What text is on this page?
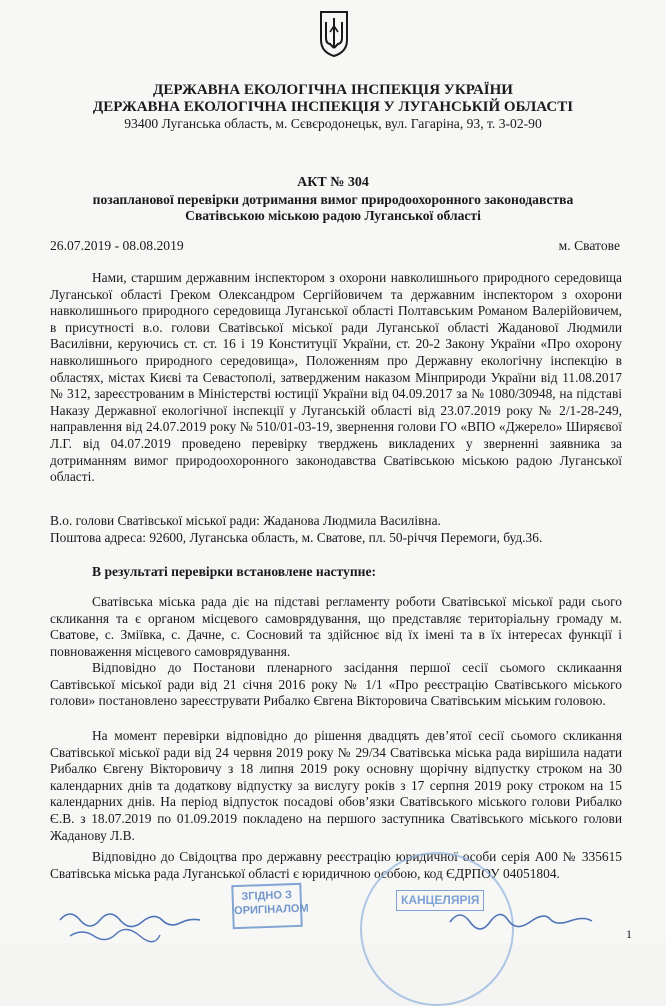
ДЕРЖАВНА ЕКОЛОГІЧНА ІНСПЕКЦІЯ УКРАЇНИ
ДЕРЖАВНА ЕКОЛОГІЧНА ІНСПЕКЦІЯ У ЛУГАНСЬКІЙ ОБЛАСТІ
93400 Луганська область, м. Сєвєродонецьк, вул. Гагаріна, 93, т. 3-02-90
АКТ № 304
позапланової перевірки дотримання вимог природоохоронного законодавства
Сватівською міською радою Луганської області
26.07.2019 - 08.08.2019	м. Сватове
Нами, старшим державним інспектором з охорони навколишнього природного середовища Луганської області Греком Олександром Сергійовичем та державним інспектором з охорони навколишнього природного середовища Луганської області Полтавським Романом Валерійовичем, в присутності в.о. голови Сватівської міської ради Луганської області Жаданової Людмили Василівни, керуючись ст. ст. 16 і 19 Конституції України, ст. 20-2 Закону України «Про охорону навколишнього природного середовища», Положенням про Державну екологічну інспекцію в областях, містах Києві та Севастополі, затвердженим наказом Мінприроди України від 11.08.2017 № 312, зареєстрованим в Міністерстві юстиції України від 04.09.2017 за № 1080/30948, на підставі Наказу Державної екологічної інспекції у Луганській області від 23.07.2019 року № 2/1-28-249, направлення від 24.07.2019 року № 510/01-03-19, звернення голови ГО «ВПО «Джерело» Ширяєвої Л.Г. від 04.07.2019 проведено перевірку тверджень викладених у зверненні заявника за дотриманням вимог природоохоронного законодавства Сватівською міською радою Луганської області.
В.о. голови Сватівської міської ради: Жаданова Людмила Василівна.
Поштова адреса: 92600, Луганська область, м. Сватове, пл. 50-річчя Перемоги, буд.36.
В результаті перевірки встановлене наступне:
Сватівська міська рада діє на підставі регламенту роботи Сватівської міської ради сього скликання та є органом місцевого самоврядування, що представляє територіальну громаду м. Сватове, с. Змiївка, с. Дачне, с. Сосновий та здійснює від їх імені та в їх інтересах функції і повноваження місцевого самоврядування.
Відповідно до Постанови пленарного засідання першої сесії сьомого скликаання Савтівської міської ради від 21 січня 2016 року № 1/1 «Про реєстрацію Сватівського міського голови» постановлено зареєструвати Рибалко Євгена Вікторовича Сватівським міським головою.
На момент перевірки відповідно до рішення двадцять дев’ятої сесії сьомого скликання Сватівської міської ради від 24 червня 2019 року № 29/34 Сватівська міська рада вирішила надати Рибалко Євгену Вікторовичу з 18 липня 2019 року основну щорічну відпустку строком на 30 календарних днів та додаткову відпустку за вислугу років з 17 серпня 2019 року строком на 15 календарних днів. На період відпусток посадові обов’язки Сватівського міського голови Рибалко Є.В. з 18.07.2019 по 01.09.2019 покладено на першого заступника Сватівського міського голови Жаданову Л.В.
Відповідно до Свідоцтва про державну реєстрацію юридичної особи серія А00 № 335615 Сватівська міська рада Луганської області є юридичною особою, код ЄДРПОУ 04051804.
КАНЦЕЛЯРІЯ
ЗГІДНО З
ОРИГІНАЛОМ
1
